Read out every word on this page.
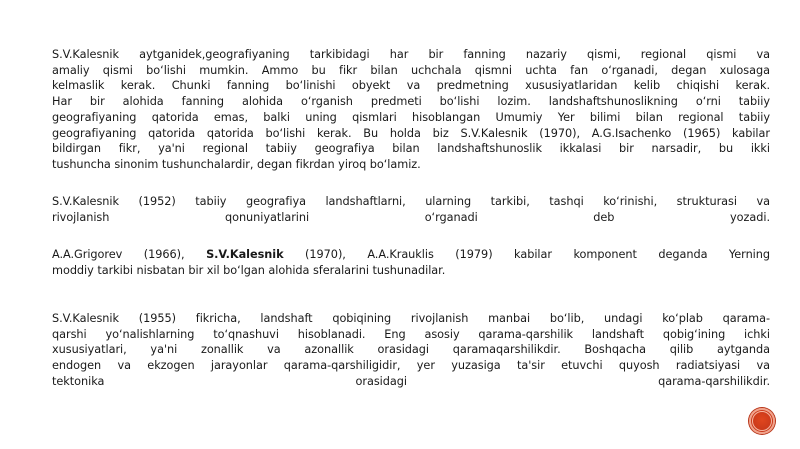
S.V.Kalesnik aytganidek,geografiyaning tarkibidagi har bir fanning nazariy qismi, regional qismi va
amaliy qismi bo‘lishi mumkin. Ammo bu fikr bilan uchchala qismni uchta fan o‘rganadi, degan xulosaga
kelmaslik kerak. Chunki fanning bo‘linishi obyekt va predmetning xususiyatlaridan kelib chiqishi kerak.
Har bir alohida fanning alohida o‘rganish predmeti bo‘lishi lozim. landshaftshunoslikning o‘rni tabiiy
geografiyaning qatorida emas, balki uning qismlari hisoblangan Umumiy Yer bilimi bilan regional tabiiy
geografiyaning qatorida qatorida bo‘lishi kerak. Bu holda biz S.V.Kalesnik (1970), A.G.Isachenko (1965) kabilar
bildirgan fikr, ya'ni regional tabiiy geografiya bilan landshaftshunoslik ikkalasi bir narsadir, bu ikki
tushuncha sinonim tushunchalardir, degan fikrdan yiroq bo‘lamiz.

S.V.Kalesnik (1952) tabiiy geografiya landshaftlarni, ularning tarkibi, tashqi ko‘rinishi, strukturasi va
rivojlanish qonuniyatlarini o‘rganadi deb yozadi.

A.A.Grigorev (1966), S.V.Kalesnik (1970), A.A.Krauklis (1979) kabilar komponent deganda Yerning
moddiy tarkibi nisbatan bir xil bo‘lgan alohida sferalarini tushunadilar.

S.V.Kalesnik (1955) fikricha, landshaft qobiqining rivojlanish manbai bo‘lib, undagi ko‘plab qarama-
qarshi yo‘nalishlarning to‘qnashuvi hisoblanadi. Eng asosiy qarama-qarshilik landshaft qobig‘ining ichki
xususiyatlari, ya'ni zonallik va azonallik orasidagi qaramaqarshilikdir. Boshqacha qilib aytganda
endogen va ekzogen jarayonlar qarama-qarshiligidir, yer yuzasiga ta'sir etuvchi quyosh radiatsiyasi va
tektonika orasidagi qarama-qarshilikdir.
